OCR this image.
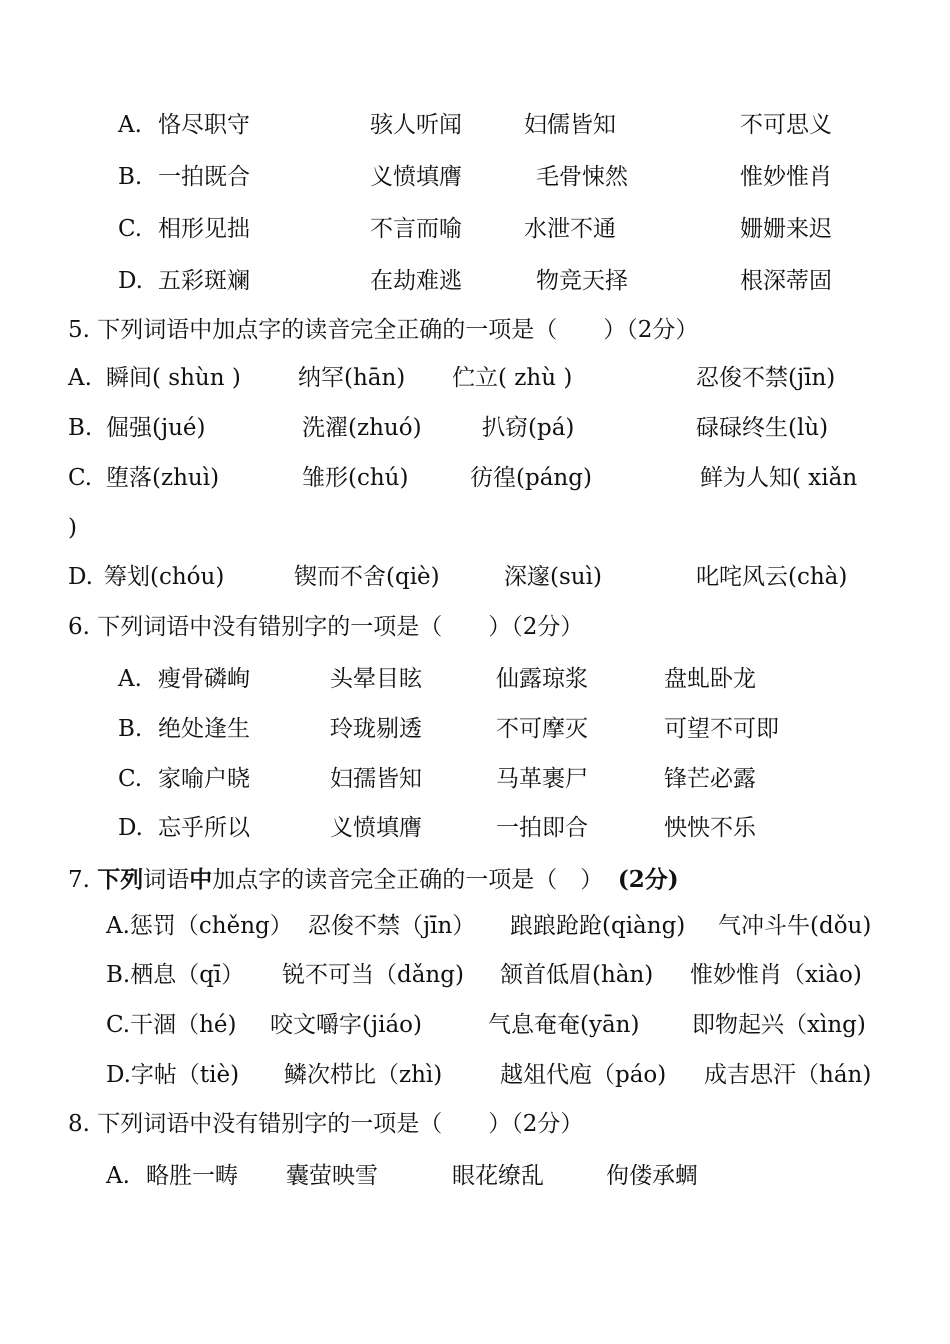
A. 恪尽职守	骇人听闻	妇儒皆知	不可思义
B. 一拍既合	义愤填膺	毛骨悚然	惟妙惟肖
C. 相形见拙	不言而喻	水泄不通	姗姗来迟
D. 五彩斑斓	在劫难逃	物竞天择	根深蒂固
5. 下列词语中加点字的读音完全正确的一项是（　　）（2分）
A. 瞬间( shùn ) 纳罕(hān) 伫立( zhù )	忍俊不禁(jīn)
B. 倔强(jué)	洗濯(zhuó)	扒窃(pá)	碌碌终生(lù)
C. 堕落(zhuì)	雏形(chú)	彷徨(páng)	鲜为人知( xiǎn
)
D. 筹划(chóu)	锲而不舍(qiè)	深邃(suì)	叱咤风云(chà)
6. 下列词语中没有错别字的一项是（　　）（2分）
A. 瘦骨磷峋	头晕目眩	仙露琼浆	盘虬卧龙
B. 绝处逢生	玲珑剔透	不可摩灭	可望不可即
C. 家喻户晓	妇孺皆知	马革裹尸	锋芒必露
D. 忘乎所以	义愤填膺	一拍即合	怏怏不乐
7. 下列词语中加点字的读音完全正确的一项是（　） (2分)
A.惩罚（chěng） 忍俊不禁（jīn） 踉踉跄跄(qiàng) 气冲斗牛(dǒu)
B.栖息（qī） 锐不可当（dǎng) 颔首低眉(hàn) 惟妙惟肖（xiào)
C.干涸（hé) 咬文嚼字(jiáo)	气息奄奄(yān) 即物起兴（xìng)
D.字帖（tiè) 鳞次栉比（zhì)	越俎代庖（páo) 成吉思汗（hán)
8. 下列词语中没有错别字的一项是（　　）（2分）
A. 略胜一畴 囊萤映雪	眼花缭乱	佝偻承蜩
